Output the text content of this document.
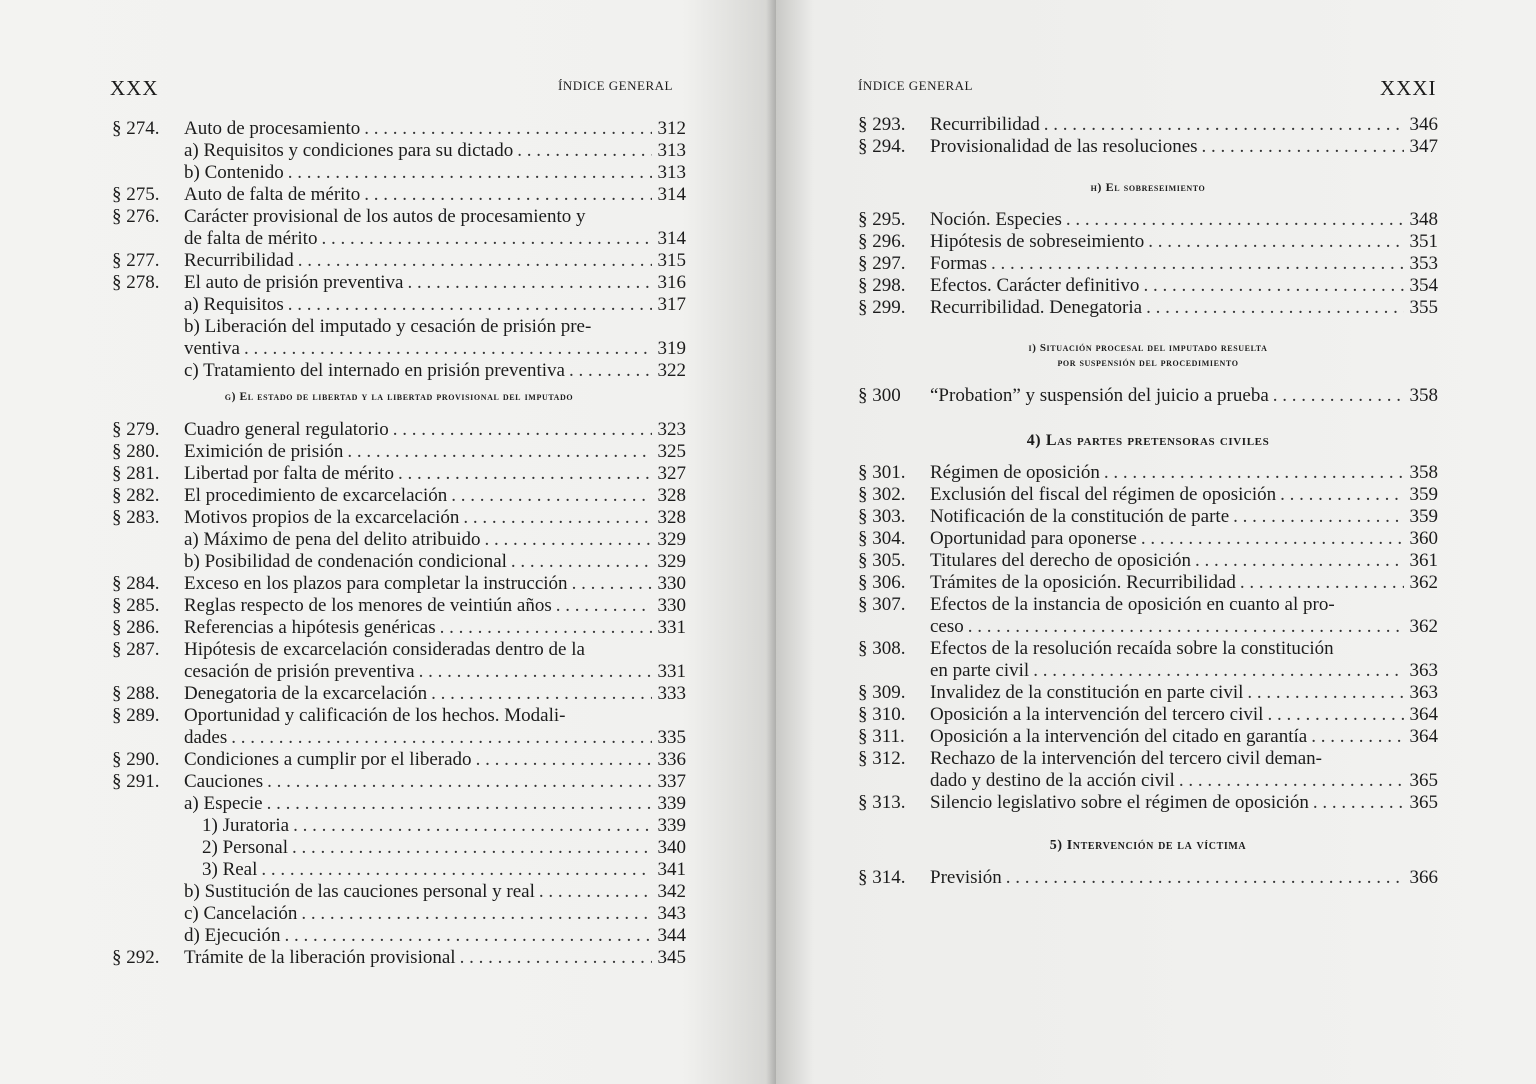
XXX	ÍNDICE GENERAL
§ 274. Auto de procesamiento . . .	312
a) Requisitos y condiciones para su dictado . . .	313
b) Contenido . . .	313
§ 275. Auto de falta de mérito . . .	314
§ 276. Carácter provisional de los autos de procesamiento y
de falta de mérito . . .	314
§ 277. Recurribilidad . . .	315
§ 278. El auto de prisión preventiva . . .	316
a) Requisitos . . .	317
b) Liberación del imputado y cesación de prisión pre-
ventiva . . .	319
c) Tratamiento del internado en prisión preventiva . . .	322
g) El estado de libertad y la libertad provisional del imputado
§ 279. Cuadro general regulatorio . . .	323
§ 280. Eximición de prisión . . .	325
§ 281. Libertad por falta de mérito . . .	327
§ 282. El procedimiento de excarcelación . . .	328
§ 283. Motivos propios de la excarcelación . . .	328
a) Máximo de pena del delito atribuido . . .	329
b) Posibilidad de condenación condicional . . .	329
§ 284. Exceso en los plazos para completar la instrucción . . .	330
§ 285. Reglas respecto de los menores de veintiún años . . .	330
§ 286. Referencias a hipótesis genéricas . . .	331
§ 287. Hipótesis de excarcelación consideradas dentro de la
cesación de prisión preventiva . . .	331
§ 288. Denegatoria de la excarcelación . . .	333
§ 289. Oportunidad y calificación de los hechos. Modali-
dades . . .	335
§ 290. Condiciones a cumplir por el liberado . . .	336
§ 291. Cauciones . . .	337
a) Especie . . .	339
1) Juratoria . . .	339
2) Personal . . .	340
3) Real . . .	341
b) Sustitución de las cauciones personal y real . . .	342
c) Cancelación . . .	343
d) Ejecución . . .	344
§ 292. Trámite de la liberación provisional . . .	345
ÍNDICE GENERAL	XXXI
§ 293. Recurribilidad . . .	346
§ 294. Provisionalidad de las resoluciones . . .	347
h) El sobreseimiento
§ 295. Noción. Especies . . .	348
§ 296. Hipótesis de sobreseimiento . . .	351
§ 297. Formas . . .	353
§ 298. Efectos. Carácter definitivo . . .	354
§ 299. Recurribilidad. Denegatoria . . .	355
i) Situación procesal del imputado resuelta
por suspensión del procedimiento
§ 300 “Probation” y suspensión del juicio a prueba . . .	358
4) Las partes pretensoras civiles
§ 301. Régimen de oposición . . .	358
§ 302. Exclusión del fiscal del régimen de oposición . . .	359
§ 303. Notificación de la constitución de parte . . .	359
§ 304. Oportunidad para oponerse . . .	360
§ 305. Titulares del derecho de oposición . . .	361
§ 306. Trámites de la oposición. Recurribilidad . . .	362
§ 307. Efectos de la instancia de oposición en cuanto al pro-
ceso . . .	362
§ 308. Efectos de la resolución recaída sobre la constitución
en parte civil . . .	363
§ 309. Invalidez de la constitución en parte civil . . .	363
§ 310. Oposición a la intervención del tercero civil . . .	364
§ 311. Oposición a la intervención del citado en garantía . . .	364
§ 312. Rechazo de la intervención del tercero civil deman-
dado y destino de la acción civil . . .	365
§ 313. Silencio legislativo sobre el régimen de oposición . . .	365
5) Intervención de la víctima
§ 314. Previsión . . .	366
